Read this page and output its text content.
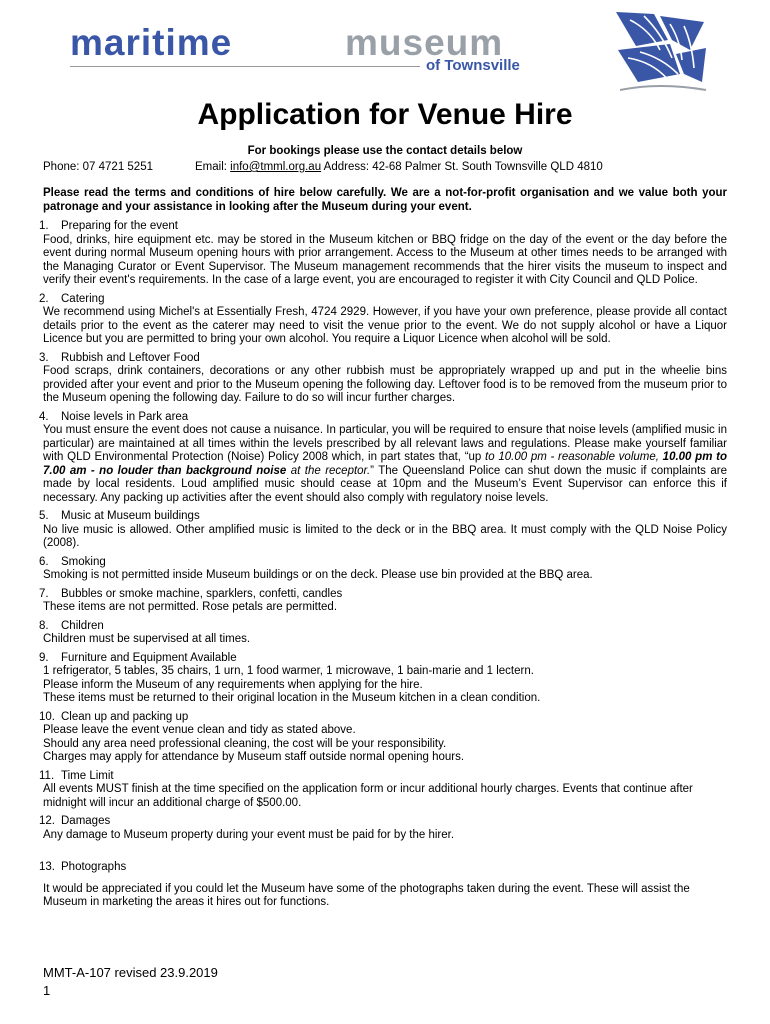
maritime	museum
of Townsville
Application for Venue Hire
For bookings please use the contact details below
Phone: 07 4721 5251	Email: info@tmml.org.au Address: 42-68 Palmer St. South Townsville QLD 4810

Please read the terms and conditions of hire below carefully. We are a not-for-profit organisation and we value both your patronage and your assistance in looking after the Museum during your event.

1. Preparing for the event

Food, drinks, hire equipment etc. may be stored in the Museum kitchen or BBQ fridge on the day of the event or the day before the event during normal Museum opening hours with prior arrangement. Access to the Museum at other times needs to be arranged with the Managing Curator or Event Supervisor. The Museum management recommends that the hirer visits the museum to inspect and verify their event's requirements. In the case of a large event, you are encouraged to register it with City Council and QLD Police.

2. Catering

We recommend using Michel's at Essentially Fresh, 4724 2929. However, if you have your own preference, please provide all contact details prior to the event as the caterer may need to visit the venue prior to the event. We do not supply alcohol or have a Liquor Licence but you are permitted to bring your own alcohol. You require a Liquor Licence when alcohol will be sold.

3. Rubbish and Leftover Food

Food scraps, drink containers, decorations or any other rubbish must be appropriately wrapped up and put in the wheelie bins provided after your event and prior to the Museum opening the following day. Leftover food is to be removed from the museum prior to the Museum opening the following day. Failure to do so will incur further charges.

4. Noise levels in Park area

You must ensure the event does not cause a nuisance. In particular, you will be required to ensure that noise levels (amplified music in particular) are maintained at all times within the levels prescribed by all relevant laws and regulations. Please make yourself familiar with QLD Environmental Protection (Noise) Policy 2008 which, in part states that, “up to 10.00 pm - reasonable volume, 10.00 pm to 7.00 am - no louder than background noise at the receptor.” The Queensland Police can shut down the music if complaints are made by local residents. Loud amplified music should cease at 10pm and the Museum’s Event Supervisor can enforce this if necessary. Any packing up activities after the event should also comply with regulatory noise levels.

5. Music at Museum buildings

No live music is allowed. Other amplified music is limited to the deck or in the BBQ area. It must comply with the QLD Noise Policy (2008).

6. Smoking

Smoking is not permitted inside Museum buildings or on the deck. Please use bin provided at the BBQ area.

7. Bubbles or smoke machine, sparklers, confetti, candles

These items are not permitted. Rose petals are permitted.

8. Children

Children must be supervised at all times.

9. Furniture and Equipment Available

1 refrigerator, 5 tables, 35 chairs, 1 urn, 1 food warmer, 1 microwave, 1 bain-marie and 1 lectern.

Please inform the Museum of any requirements when applying for the hire.

These items must be returned to their original location in the Museum kitchen in a clean condition.

10. Clean up and packing up

Please leave the event venue clean and tidy as stated above.

Should any area need professional cleaning, the cost will be your responsibility.

Charges may apply for attendance by Museum staff outside normal opening hours.

11. Time Limit

All events MUST finish at the time specified on the application form or incur additional hourly charges. Events that continue after midnight will incur an additional charge of $500.00.

12. Damages

Any damage to Museum property during your event must be paid for by the hirer.

13. Photographs

It would be appreciated if you could let the Museum have some of the photographs taken during the event. These will assist the Museum in marketing the areas it hires out for functions.

MMT-A-107 revised 23.9.2019
1
